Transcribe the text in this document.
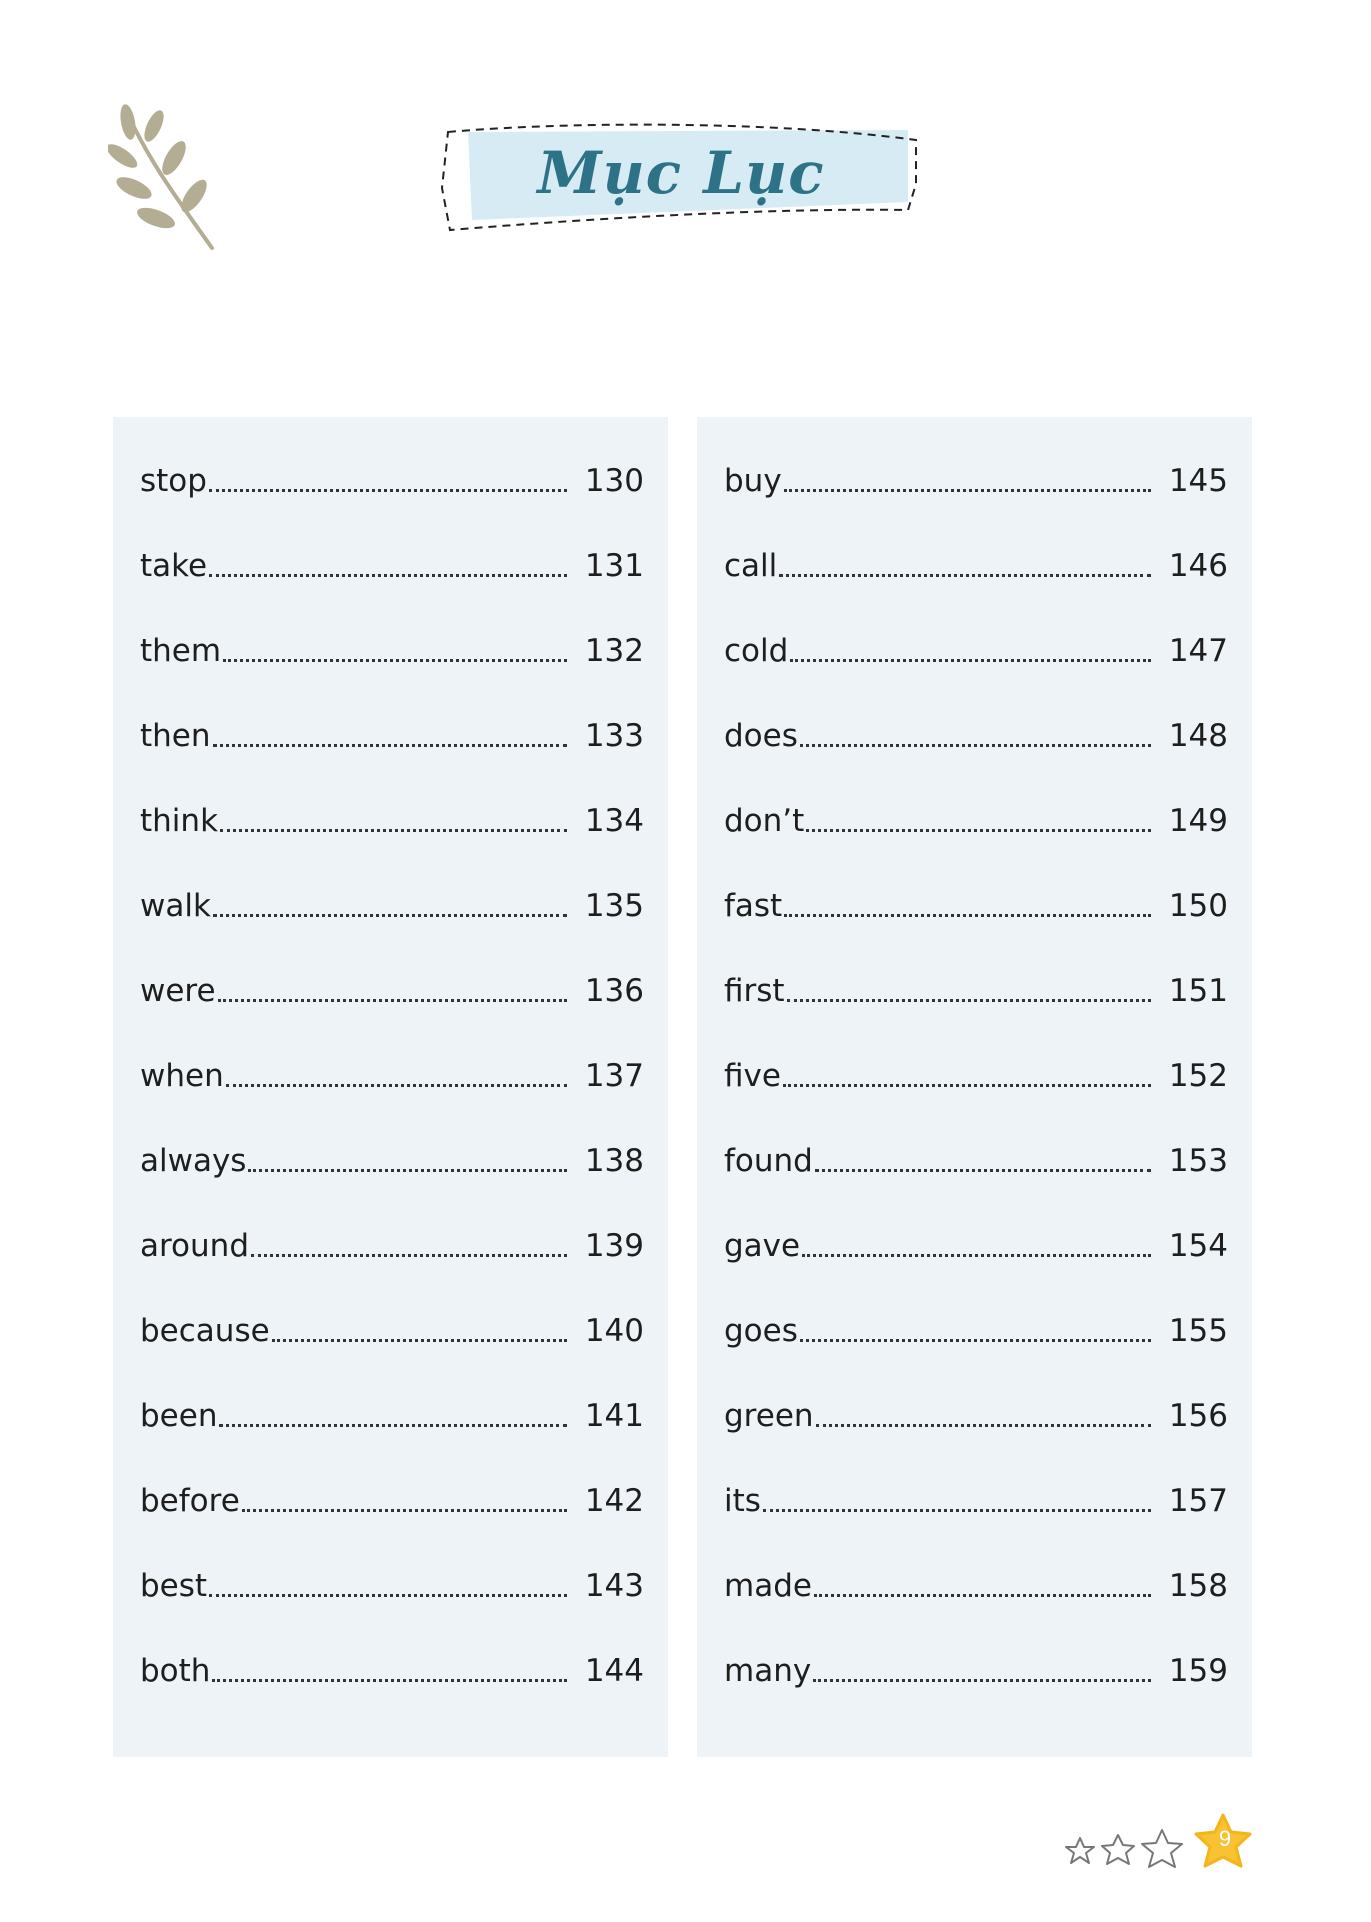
Mục Lục
stop	130
take	131
them	132
then	133
think	134
walk	135
were	136
when	137
always	138
around	139
because	140
been	141
before	142
best	143
both	144
buy	145
call	146
cold	147
does	148
don’t	149
fast	150
first	151
five	152
found	153
gave	154
goes	155
green	156
its	157
made	158
many	159
9
